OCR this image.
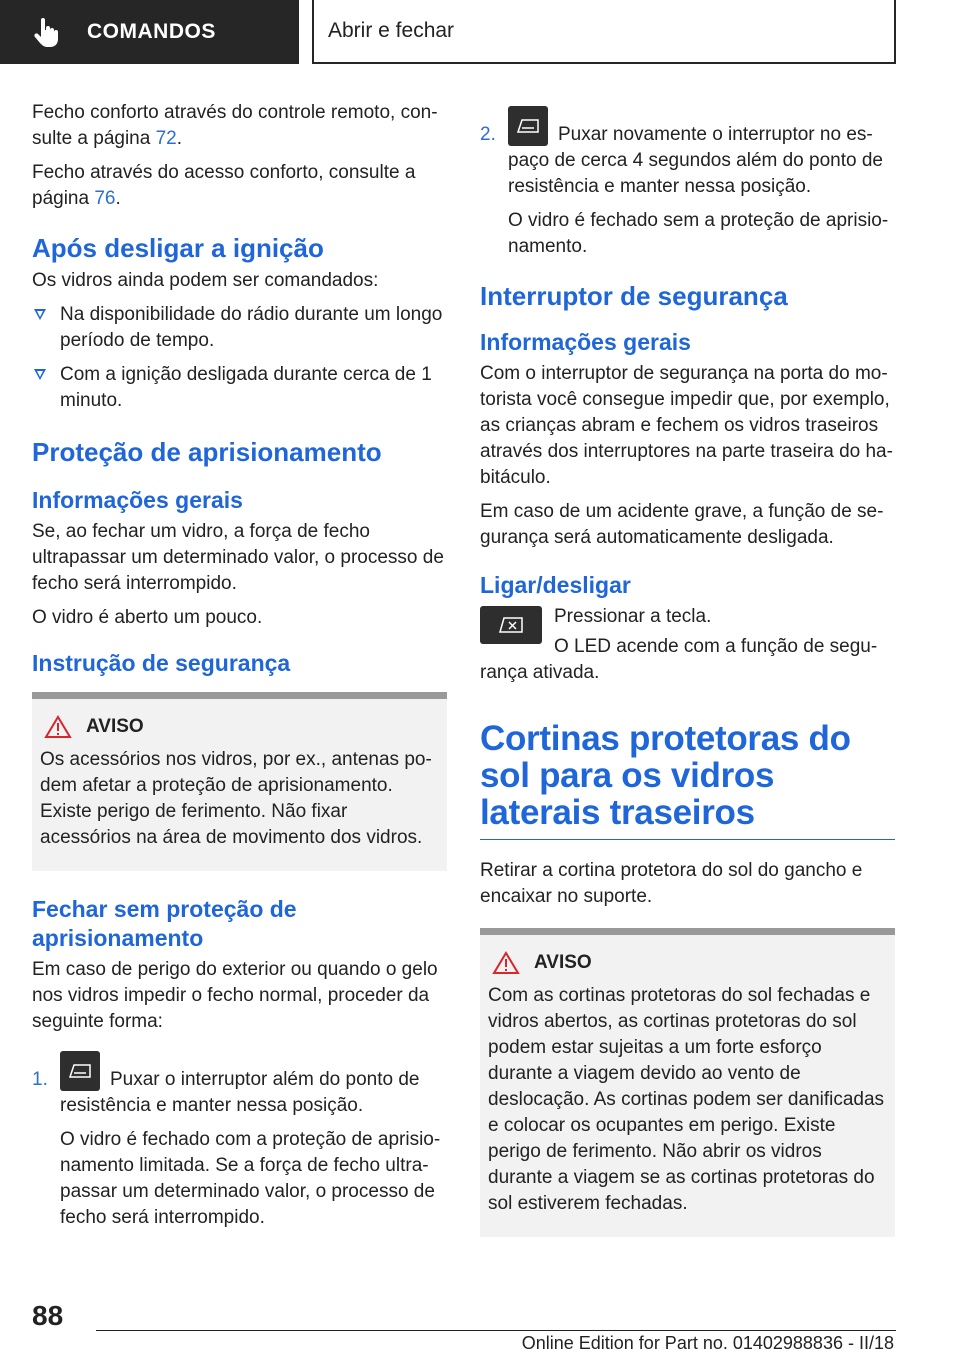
COMANDOS	Abrir e fechar

Fecho conforto através do controle remoto, consulte a página 72.

Fecho através do acesso conforto, consulte a página 76.

Após desligar a ignição

Os vidros ainda podem ser comandados:

Na disponibilidade do rádio durante um longo período de tempo.
Com a ignição desligada durante cerca de 1 minuto.
Proteção de aprisionamento
Informações gerais

Se, ao fechar um vidro, a força de fecho ultrapassar um determinado valor, o processo de fecho será interrompido.

O vidro é aberto um pouco.

Instrução de segurança
AVISO

Os acessórios nos vidros, por ex., antenas podem afetar a proteção de aprisionamento. Existe perigo de ferimento. Não fixar acessórios na área de movimento dos vidros.

Fechar sem proteção de aprisionamento

Em caso de perigo do exterior ou quando o gelo nos vidros impedir o fecho normal, proceder da seguinte forma:

1.	Puxar o interruptor além do ponto de resistência e manter nessa posição.
O vidro é fechado com a proteção de aprisionamento limitada. Se a força de fecho ultrapassar um determinado valor, o processo de fecho será interrompido.
2.	Puxar novamente o interruptor no espaço de cerca 4 segundos além do ponto de resistência e manter nessa posição.
O vidro é fechado sem a proteção de aprisionamento.
Interruptor de segurança
Informações gerais

Com o interruptor de segurança na porta do motorista você consegue impedir que, por exemplo, as crianças abram e fechem os vidros traseiros através dos interruptores na parte traseira do habitáculo.

Em caso de um acidente grave, a função de segurança será automaticamente desligada.

Ligar/desligar

Pressionar a tecla.

O LED acende com a função de segurança ativada.

Cortinas protetoras do sol para os vidros laterais traseiros

Retirar a cortina protetora do sol do gancho e encaixar no suporte.

AVISO

Com as cortinas protetoras do sol fechadas e vidros abertos, as cortinas protetoras do sol podem estar sujeitas a um forte esforço durante a viagem devido ao vento de deslocação. As cortinas podem ser danificadas e colocar os ocupantes em perigo. Existe perigo de ferimento. Não abrir os vidros durante a viagem se as cortinas protetoras do sol estiverem fechadas.

88
Online Edition for Part no. 01402988836 - II/18
